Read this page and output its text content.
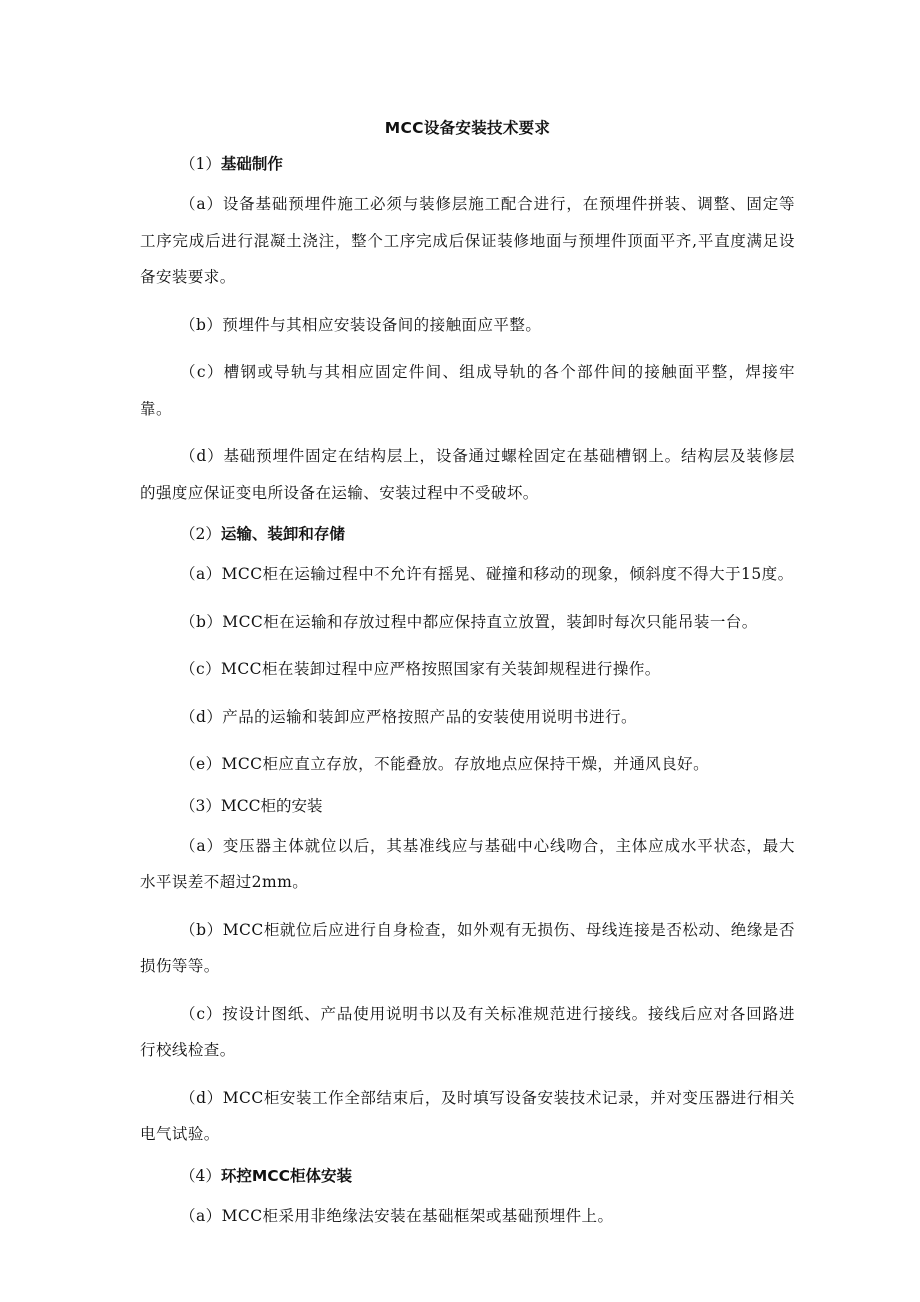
MCC设备安装技术要求
（1）基础制作

（a）设备基础预埋件施工必须与装修层施工配合进行，在预埋件拼装、调整、固定等工序完成后进行混凝土浇注，整个工序完成后保证装修地面与预埋件顶面平齐,平直度满足设备安装要求。

（b）预埋件与其相应安装设备间的接触面应平整。

（c）槽钢或导轨与其相应固定件间、组成导轨的各个部件间的接触面平整，焊接牢靠。

（d）基础预埋件固定在结构层上，设备通过螺栓固定在基础槽钢上。结构层及装修层的强度应保证变电所设备在运输、安装过程中不受破坏。

（2）运输、装卸和存储

（a）MCC柜在运输过程中不允许有摇晃、碰撞和移动的现象，倾斜度不得大于15度。

（b）MCC柜在运输和存放过程中都应保持直立放置，装卸时每次只能吊装一台。

（c）MCC柜在装卸过程中应严格按照国家有关装卸规程进行操作。

（d）产品的运输和装卸应严格按照产品的安装使用说明书进行。

（e）MCC柜应直立存放，不能叠放。存放地点应保持干燥，并通风良好。

（3）MCC柜的安装

（a）变压器主体就位以后，其基准线应与基础中心线吻合，主体应成水平状态，最大水平误差不超过2mm。

（b）MCC柜就位后应进行自身检查，如外观有无损伤、母线连接是否松动、绝缘是否损伤等等。

（c）按设计图纸、产品使用说明书以及有关标准规范进行接线。接线后应对各回路进行校线检查。

（d）MCC柜安装工作全部结束后，及时填写设备安装技术记录，并对变压器进行相关电气试验。

（4）环控MCC柜体安装

（a）MCC柜采用非绝缘法安装在基础框架或基础预埋件上。
